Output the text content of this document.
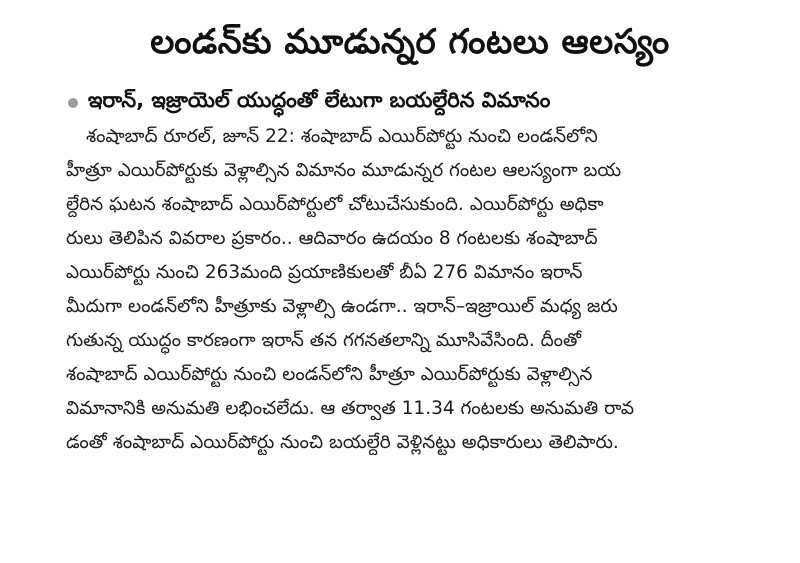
లండన్‌కు మూడున్నర గంటలు ఆలస్యం
ఇరాన్, ఇజ్రాయెల్ యుద్ధంతో లేటుగా బయల్దేరిన విమానం
శంషాబాద్ రూరల్, జూన్ 22: శంషాబాద్ ఎయిర్‌పోర్టు నుంచి లండన్‌లోని
హీత్రూ ఎయిర్‌పోర్టుకు వెళ్లాల్సిన విమానం మూడున్నర గంటల ఆలస్యంగా బయ
ల్దేరిన ఘటన శంషాబాద్ ఎయిర్‌పోర్టులో చోటుచేసుకుంది. ఎయిర్‌పోర్టు అధికా
రులు తెలిపిన వివరాల ప్రకారం.. ఆదివారం ఉదయం 8 గంటలకు శంషాబాద్
ఎయిర్‌పోర్టు నుంచి 263మంది ప్రయాణికులతో బీఏ 276 విమానం ఇరాన్
మీదుగా లండన్‌లోని హీత్రూకు వెళ్లాల్సి ఉండగా.. ఇరాన్–ఇజ్రాయిల్ మధ్య జరు
గుతున్న యుద్ధం కారణంగా ఇరాన్ తన గగనతలాన్ని మూసివేసింది. దీంతో
శంషాబాద్ ఎయిర్‌పోర్టు నుంచి లండన్‌లోని హీత్రూ ఎయిర్‌పోర్టుకు వెళ్లాల్సిన
విమానానికి అనుమతి లభించలేదు. ఆ తర్వాత 11.34 గంటలకు అనుమతి రావ
డంతో శంషాబాద్ ఎయిర్‌పోర్టు నుంచి బయల్దేరి వెళ్లినట్టు అధికారులు తెలిపారు.
